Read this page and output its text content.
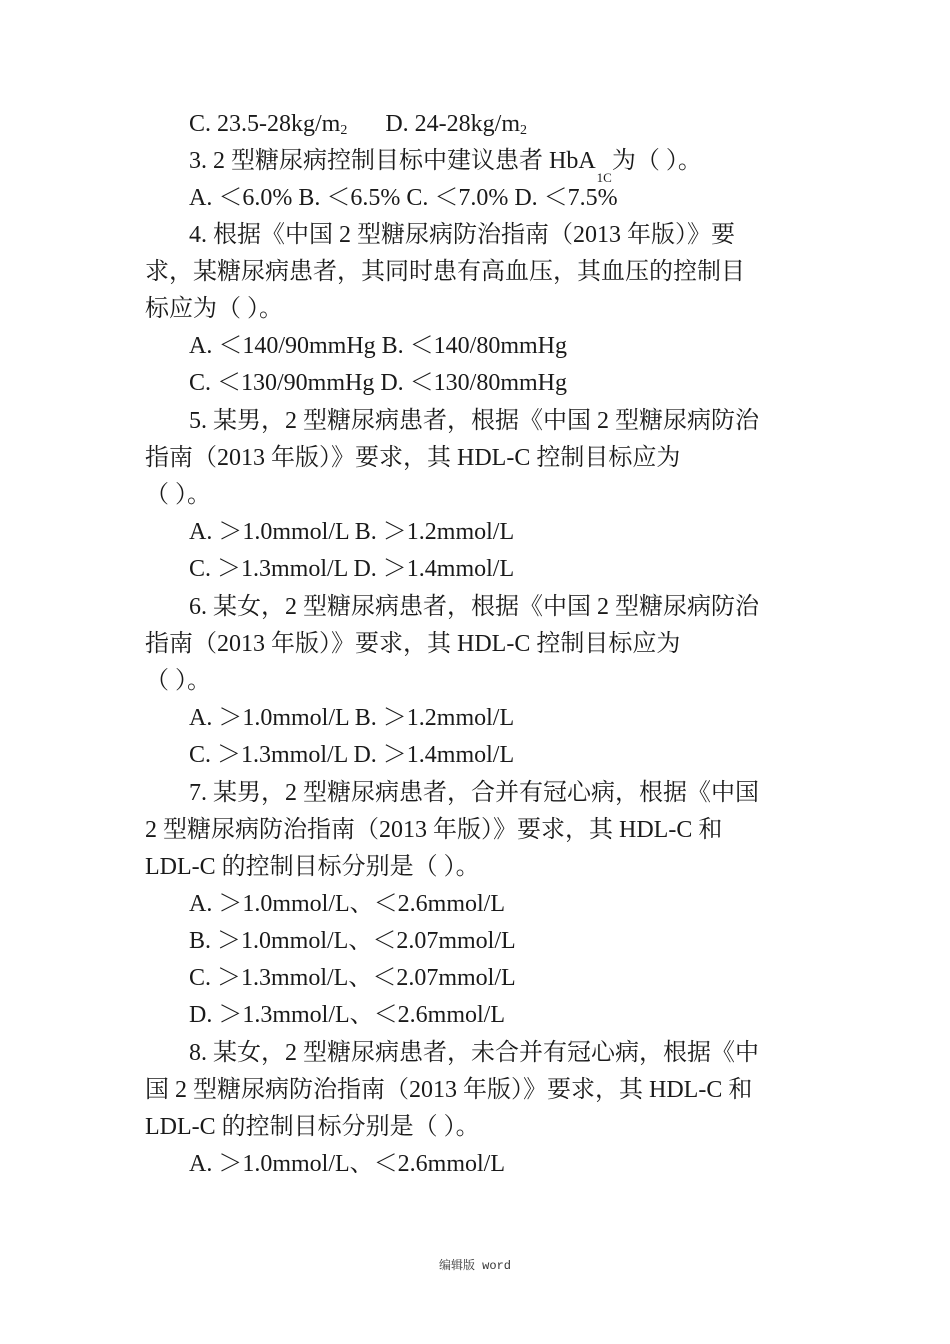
C. 23.5-28kg/m2 D. 24-28kg/m2
3. 2 型糖尿病控制目标中建议患者 HbA$_{1C}$为（ ）。
A. ＜6.0% B. ＜6.5% C. ＜7.0% D. ＜7.5%
4. 根据《中国 2 型糖尿病防治指南（2013 年版）》要
求，某糖尿病患者，其同时患有高血压，其血压的控制目
标应为（ ）。
A. ＜140/90mmHg B. ＜140/80mmHg
C. ＜130/90mmHg D. ＜130/80mmHg
5. 某男，2 型糖尿病患者，根据《中国 2 型糖尿病防治
指南（2013 年版）》要求，其 HDL-C 控制目标应为
（ ）。
A. ＞1.0mmol/L B. ＞1.2mmol/L
C. ＞1.3mmol/L D. ＞1.4mmol/L
6. 某女，2 型糖尿病患者，根据《中国 2 型糖尿病防治
指南（2013 年版）》要求，其 HDL-C 控制目标应为
（ ）。
A. ＞1.0mmol/L B. ＞1.2mmol/L
C. ＞1.3mmol/L D. ＞1.4mmol/L
7. 某男，2 型糖尿病患者，合并有冠心病，根据《中国
2 型糖尿病防治指南（2013 年版）》要求，其 HDL-C 和
LDL-C 的控制目标分别是（ ）。
A. ＞1.0mmol/L、＜2.6mmol/L
B. ＞1.0mmol/L、＜2.07mmol/L
C. ＞1.3mmol/L、＜2.07mmol/L
D. ＞1.3mmol/L、＜2.6mmol/L
8. 某女，2 型糖尿病患者，未合并有冠心病，根据《中
国 2 型糖尿病防治指南（2013 年版）》要求，其 HDL-C 和
LDL-C 的控制目标分别是（ ）。
A. ＞1.0mmol/L、＜2.6mmol/L
编辑版 word
